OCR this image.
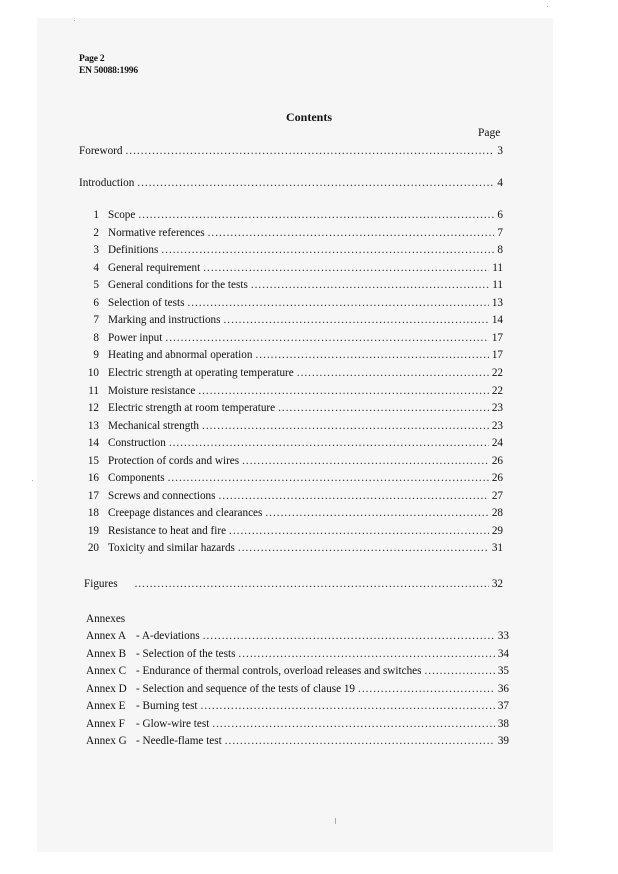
Page 2
EN 50088:1996
Contents
Page
Foreword .....	3
Introduction .....	4
1 Scope .....	6
2 Normative references .....	7
3 Definitions .....	8
4 General requirement .....	11
5 General conditions for the tests .....	11
6 Selection of tests .....	13
7 Marking and instructions .....	14
8 Power input .....	17
9 Heating and abnormal operation .....	17
10 Electric strength at operating temperature .....	22
11 Moisture resistance .....	22
12 Electric strength at room temperature .....	23
13 Mechanical strength .....	23
14 Construction .....	24
15 Protection of cords and wires .....	26
16 Components .....	26
17 Screws and connections .....	27
18 Creepage distances and clearances .....	28
19 Resistance to heat and fire .....	29
20 Toxicity and similar hazards .....	31
Figures .....	32
Annexes
Annex A - A-deviations .....	33
Annex B - Selection of the tests .....	34
Annex C - Endurance of thermal controls, overload releases and switches .....	35
Annex D - Selection and sequence of the tests of clause 19 .....	36
Annex E - Burning test .....	37
Annex F - Glow-wire test .....	38
Annex G - Needle-flame test .....	39
